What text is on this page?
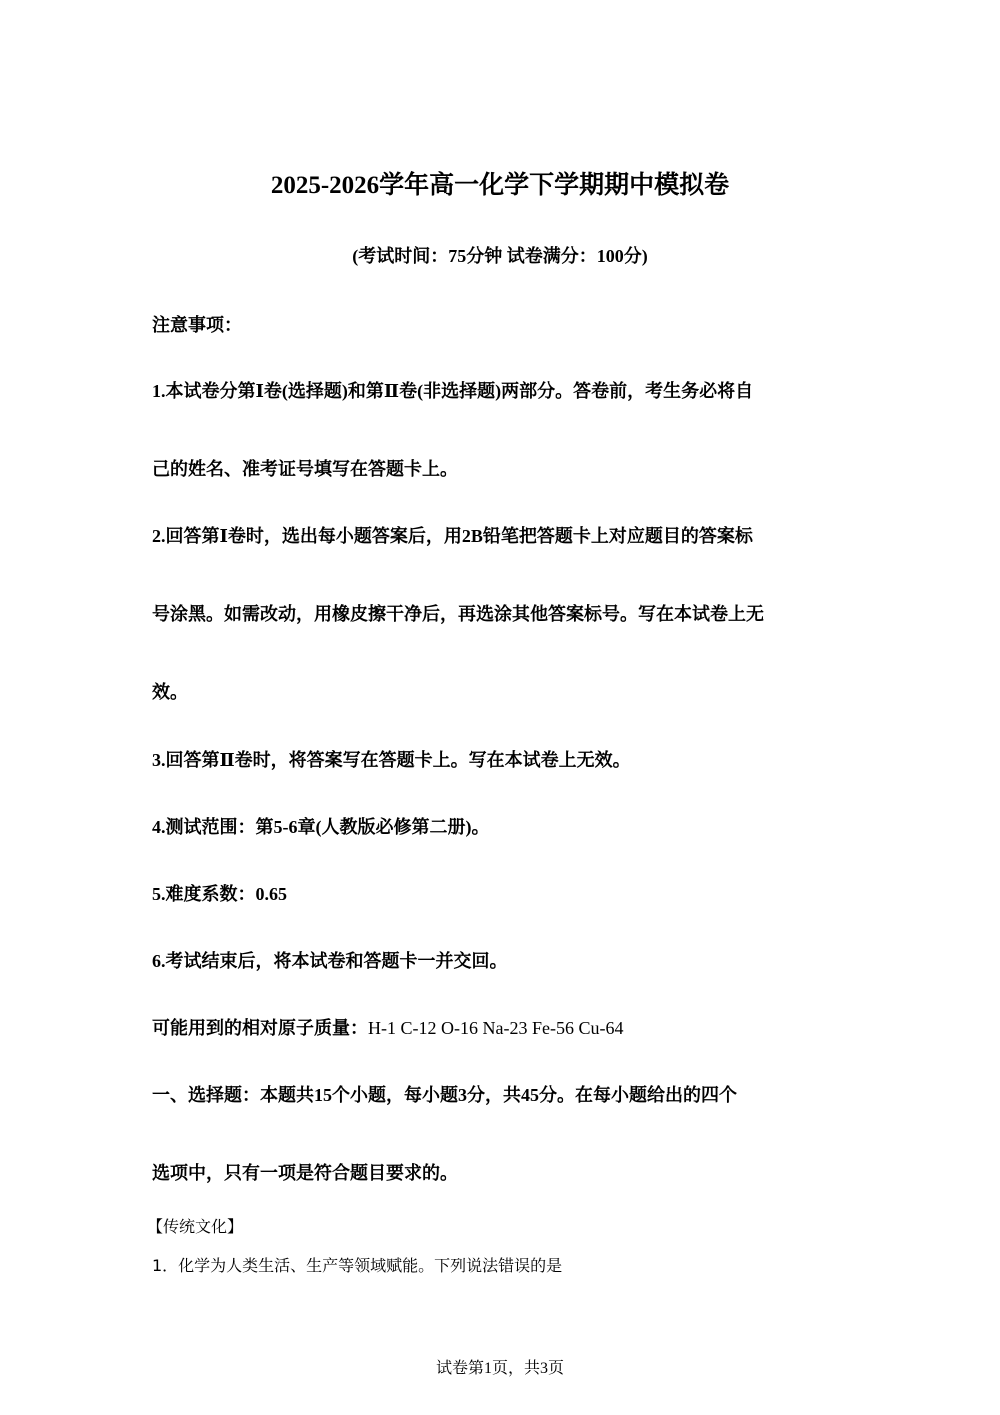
2025-2026学年高一化学下学期期中模拟卷
(考试时间：75分钟 试卷满分：100分)
注意事项：
1.本试卷分第Ⅰ卷(选择题)和第Ⅱ卷(非选择题)两部分。答卷前，考生务必将自
己的姓名、准考证号填写在答题卡上。
2.回答第Ⅰ卷时，选出每小题答案后，用2B铅笔把答题卡上对应题目的答案标
号涂黑。如需改动，用橡皮擦干净后，再选涂其他答案标号。写在本试卷上无
效。
3.回答第Ⅱ卷时，将答案写在答题卡上。写在本试卷上无效。
4.测试范围：第5-6章(人教版必修第二册)。
5.难度系数：0.65
6.考试结束后，将本试卷和答题卡一并交回。
可能用到的相对原子质量：H-1 C-12 O-16 Na-23 Fe-56 Cu-64
一、选择题：本题共15个小题，每小题3分，共45分。在每小题给出的四个
选项中，只有一项是符合题目要求的。
【传统文化】
1．化学为人类生活、生产等领域赋能。下列说法错误的是
试卷第1页，共3页
